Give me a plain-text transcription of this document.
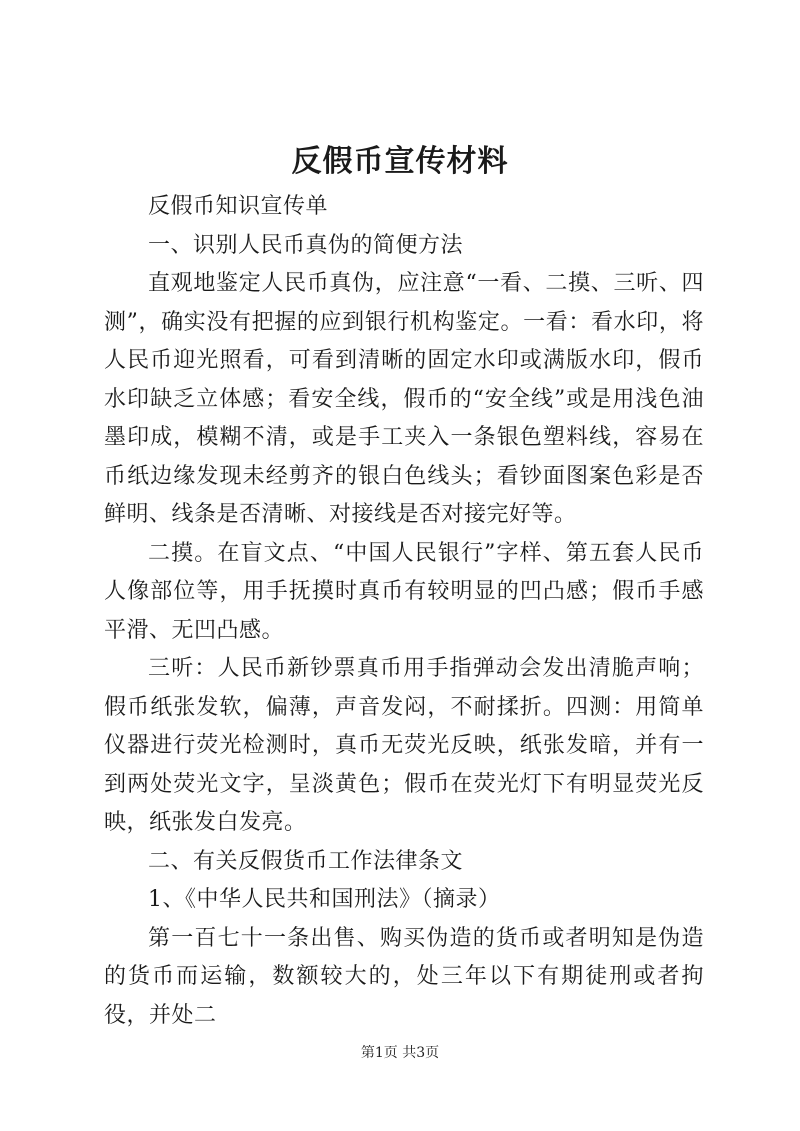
反假币宣传材料

反假币知识宣传单

一、识别人民币真伪的简便方法

直观地鉴定人民币真伪，应注意“一看、二摸、三听、四测”，确实没有把握的应到银行机构鉴定。一看：看水印，将人民币迎光照看，可看到清晰的固定水印或满版水印，假币水印缺乏立体感；看安全线，假币的“安全线”或是用浅色油墨印成，模糊不清，或是手工夹入一条银色塑料线，容易在币纸边缘发现未经剪齐的银白色线头；看钞面图案色彩是否鲜明、线条是否清晰、对接线是否对接完好等。

二摸。在盲文点、“中国人民银行”字样、第五套人民币人像部位等，用手抚摸时真币有较明显的凹凸感；假币手感平滑、无凹凸感。

三听：人民币新钞票真币用手指弹动会发出清脆声响；假币纸张发软，偏薄，声音发闷，不耐揉折。四测：用简单仪器进行荧光检测时，真币无荧光反映，纸张发暗，并有一到两处荧光文字，呈淡黄色；假币在荧光灯下有明显荧光反映，纸张发白发亮。

二、有关反假货币工作法律条文

1、《中华人民共和国刑法》（摘录）

第一百七十一条出售、购买伪造的货币或者明知是伪造的货币而运输，数额较大的，处三年以下有期徒刑或者拘役，并处二

第1页 共3页
